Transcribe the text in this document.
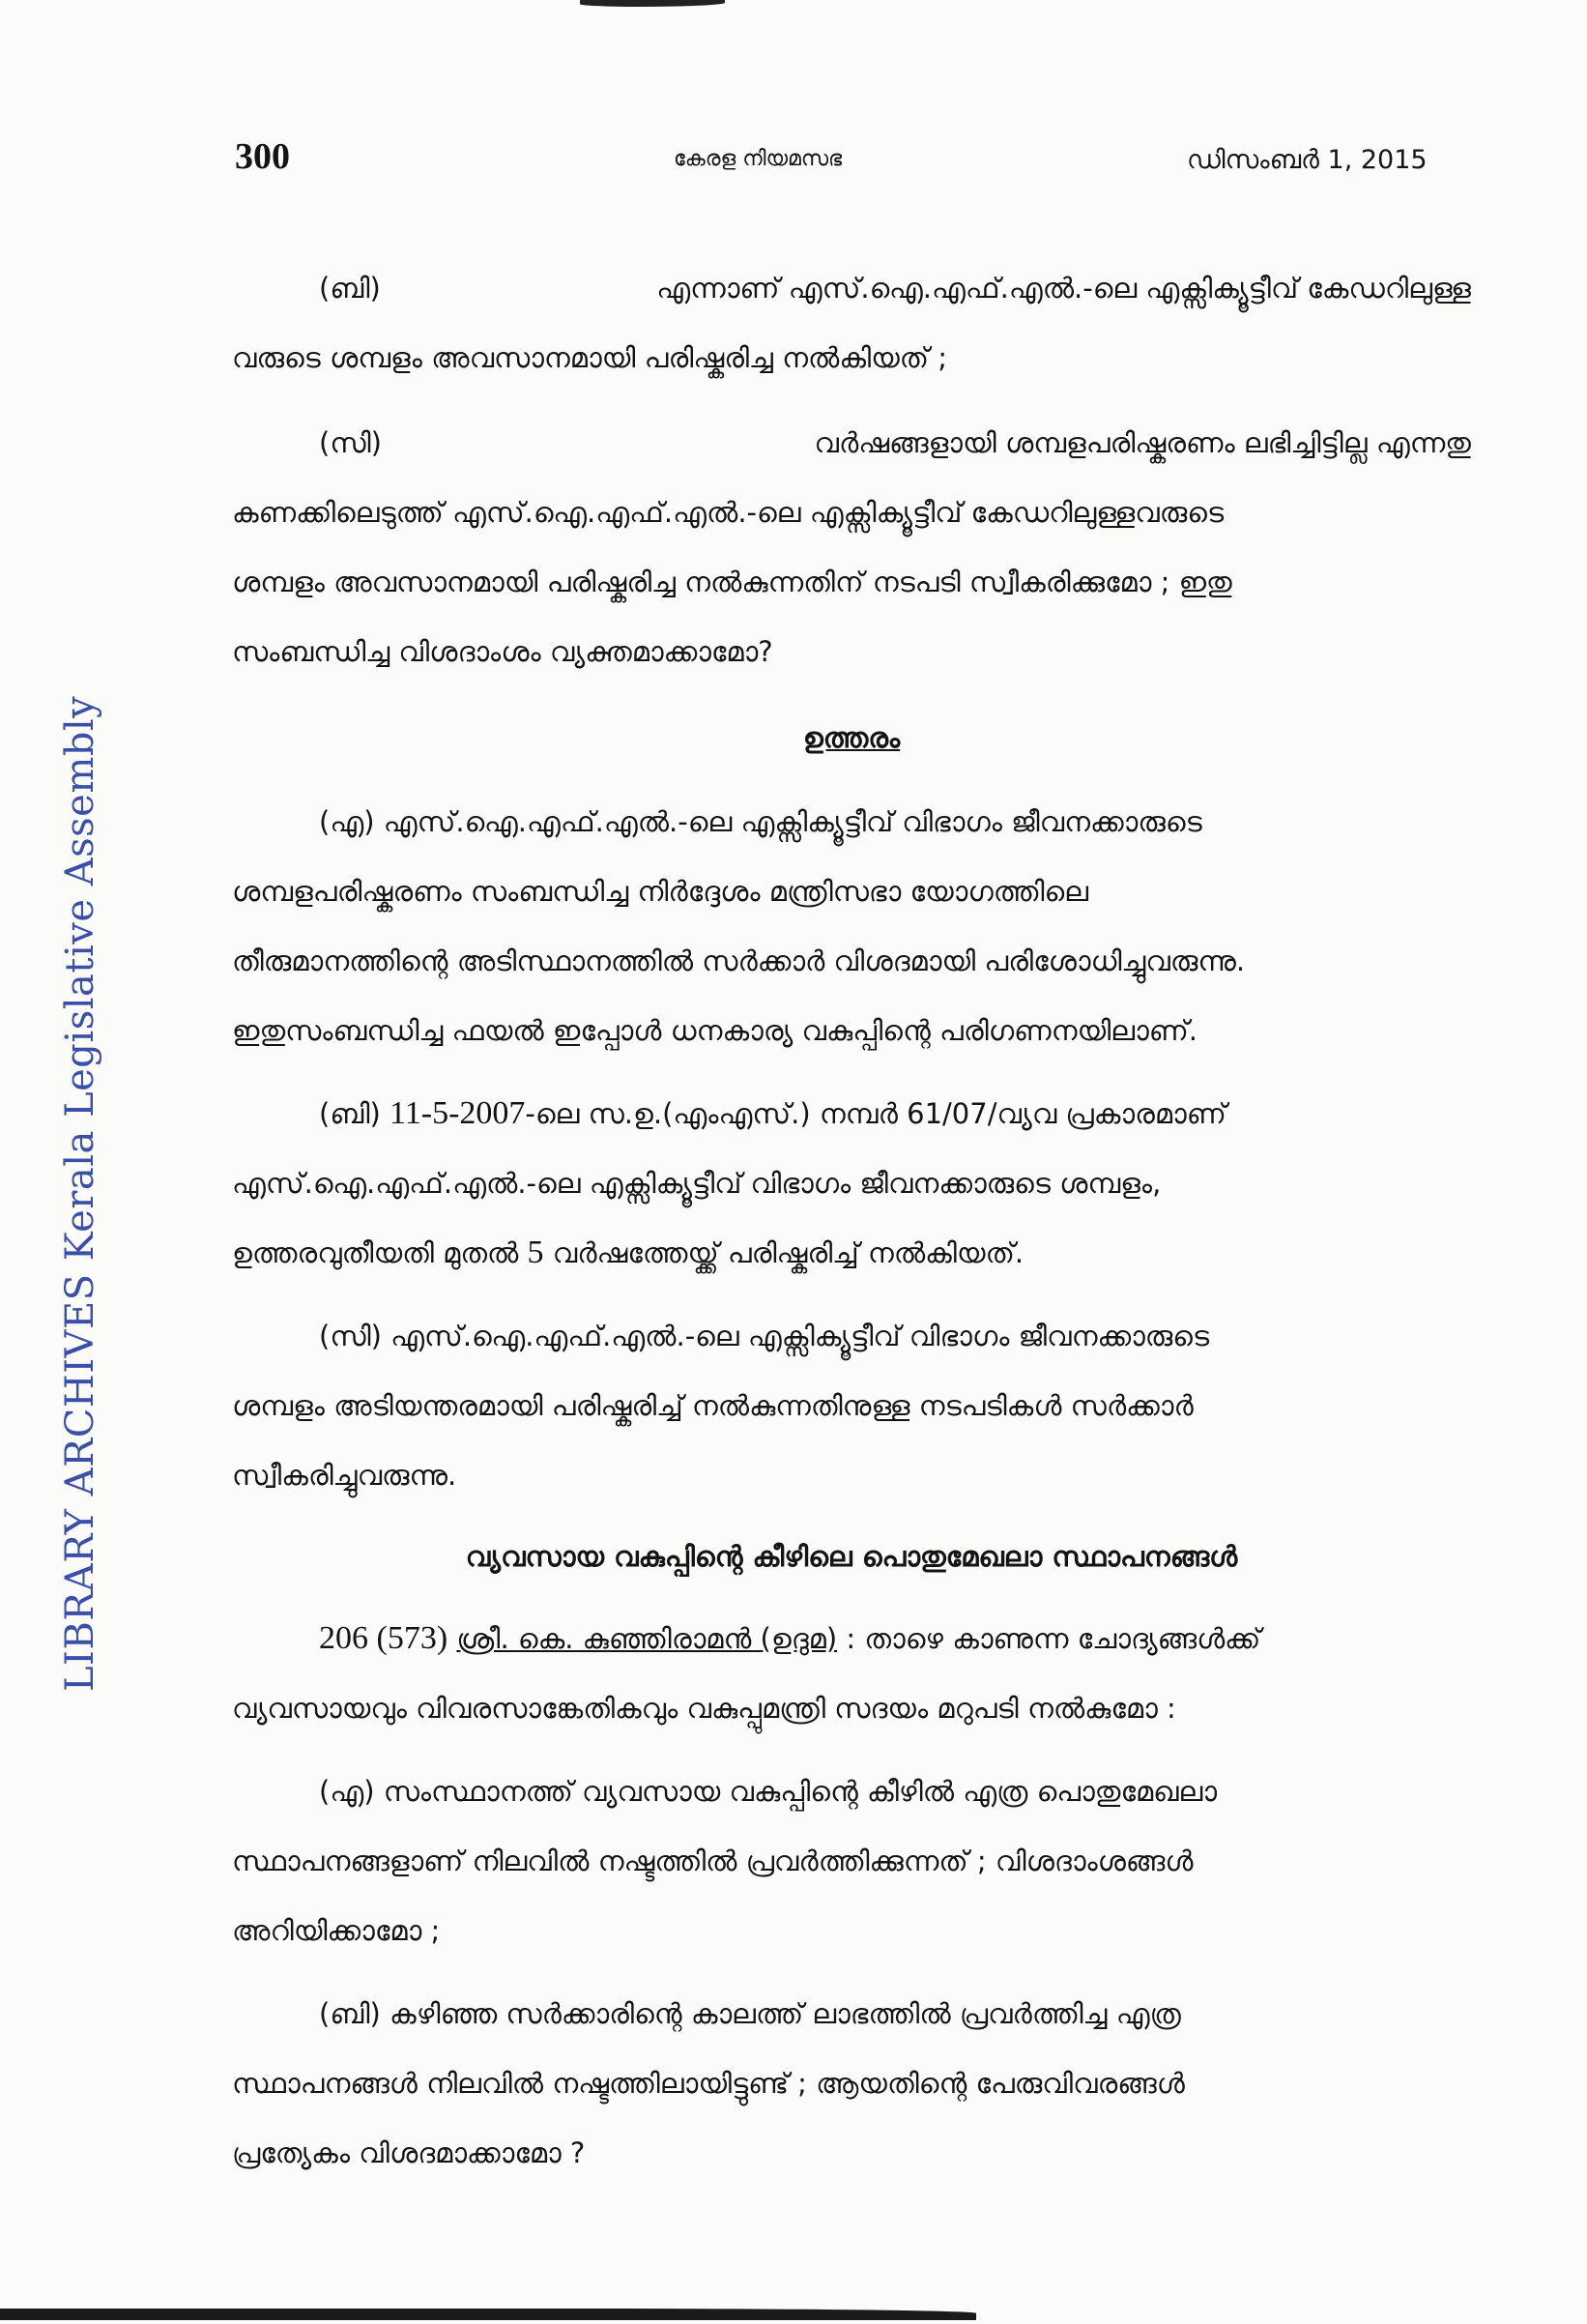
LIBRARY ARCHIVES Kerala Legislative Assembly
300	കേരള നിയമസഭ	ഡിസംബർ 1, 2015
(ബി)	എന്നാണ് എസ്.ഐ.എഫ്.എൽ.-ലെ എക്സിക്യൂട്ടീവ് കേഡറിലുള്ള
വരുടെ ശമ്പളം അവസാനമായി പരിഷ്കരിച്ച നൽകിയത് ;
(സി)	വർഷങ്ങളായി ശമ്പളപരിഷ്കരണം ലഭിച്ചിട്ടില്ല എന്നതു
കണക്കിലെടുത്ത് എസ്.ഐ.എഫ്.എൽ.-ലെ എക്സിക്യൂട്ടീവ് കേഡറിലുള്ളവരുടെ
ശമ്പളം അവസാനമായി പരിഷ്കരിച്ച നൽകുന്നതിന് നടപടി സ്വീകരിക്കുമോ ; ഇതു
സംബന്ധിച്ച വിശദാംശം വ്യക്തമാക്കാമോ?
ഉത്തരം
(എ) എസ്.ഐ.എഫ്.എൽ.-ലെ എക്സിക്യൂട്ടീവ് വിഭാഗം ജീവനക്കാരുടെ
ശമ്പളപരിഷ്കരണം സംബന്ധിച്ച നിർദ്ദേശം മന്ത്രിസഭാ യോഗത്തിലെ
തീരുമാനത്തിന്റെ അടിസ്ഥാനത്തിൽ സർക്കാർ വിശദമായി പരിശോധിച്ചുവരുന്നു.
ഇതുസംബന്ധിച്ച ഫയൽ ഇപ്പോൾ ധനകാര്യ വകുപ്പിന്റെ പരിഗണനയിലാണ്.
(ബി) 11-5-2007-ലെ സ.ഉ.(എംഎസ്.) നമ്പർ 61/07/വ്യവ പ്രകാരമാണ്
എസ്.ഐ.എഫ്.എൽ.-ലെ എക്സിക്യൂട്ടീവ് വിഭാഗം ജീവനക്കാരുടെ ശമ്പളം,
ഉത്തരവുതീയതി മുതൽ 5 വർഷത്തേയ്ക്ക് പരിഷ്കരിച്ച് നൽകിയത്.
(സി) എസ്.ഐ.എഫ്.എൽ.-ലെ എക്സിക്യൂട്ടീവ് വിഭാഗം ജീവനക്കാരുടെ
ശമ്പളം അടിയന്തരമായി പരിഷ്കരിച്ച് നൽകുന്നതിനുള്ള നടപടികൾ സർക്കാർ
സ്വീകരിച്ചുവരുന്നു.
വ്യവസായ വകുപ്പിന്റെ കീഴിലെ പൊതുമേഖലാ സ്ഥാപനങ്ങൾ
206 (573) ശ്രീ. കെ. കുഞ്ഞിരാമൻ (ഉദുമ) : താഴെ കാണുന്ന ചോദ്യങ്ങൾക്ക്
വ്യവസായവും വിവരസാങ്കേതികവും വകുപ്പുമന്ത്രി സദയം മറുപടി നൽകുമോ :
(എ) സംസ്ഥാനത്ത് വ്യവസായ വകുപ്പിന്റെ കീഴിൽ എത്ര പൊതുമേഖലാ
സ്ഥാപനങ്ങളാണ് നിലവിൽ നഷ്ടത്തിൽ പ്രവർത്തിക്കുന്നത് ; വിശദാംശങ്ങൾ
അറിയിക്കാമോ ;
(ബി) കഴിഞ്ഞ സർക്കാരിന്റെ കാലത്ത് ലാഭത്തിൽ പ്രവർത്തിച്ച എത്ര
സ്ഥാപനങ്ങൾ നിലവിൽ നഷ്ടത്തിലായിട്ടുണ്ട് ; ആയതിന്റെ പേരുവിവരങ്ങൾ
പ്രത്യേകം വിശദമാക്കാമോ ?
